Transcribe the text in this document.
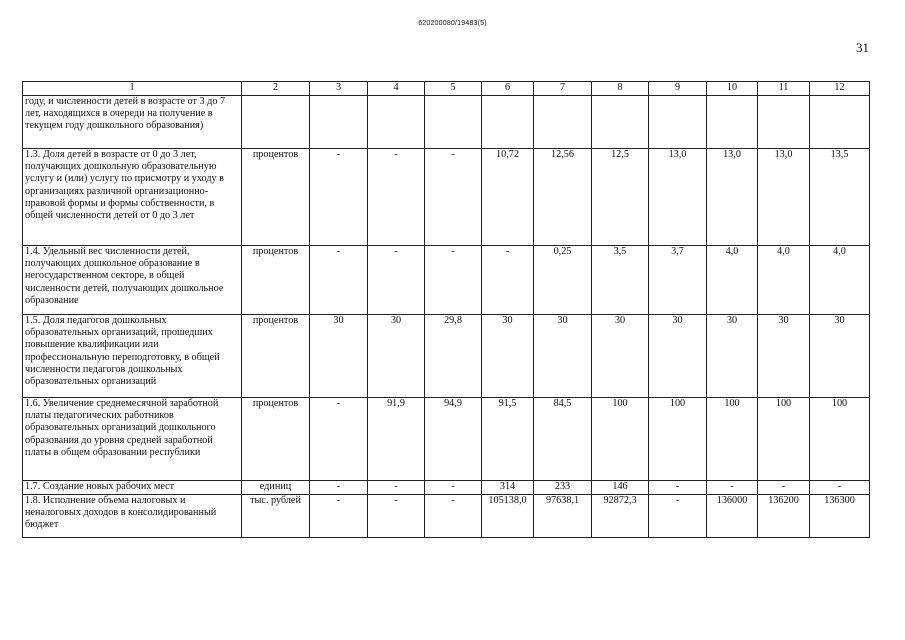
620200080/19483(5)
31
1	2	3	4	5	6	7	8	9	10	11	12
году, и численности детей в возрасте от 3 до 7 лет, находящихся в очереди на получение в текущем году дошкольного образования)											
1.3. Доля детей в возрасте от 0 до 3 лет, получающих дошкольную образовательную услугу и (или) услугу по присмотру и уходу в организациях различной организационно-правовой формы и формы собственности, в общей численности детей от 0 до 3 лет	процентов	-	-	-	10,72	12,56	12,5	13,0	13,0	13,0	13,5
1.4. Удельный вес численности детей, получающих дошкольное образование в негосударственном секторе, в общей численности детей, получающих дошкольное образование	процентов	-	-	-	-	0,25	3,5	3,7	4,0	4,0	4,0
1.5. Доля педагогов дошкольных образовательных организаций, прошедших повышение квалификации или профессиональную переподготовку, в общей численности педагогов дошкольных образовательных организаций	процентов	30	30	29,8	30	30	30	30	30	30	30
1.6. Увеличение среднемесячной заработной платы педагогических работников образовательных организаций дошкольного образования до уровня средней заработной платы в общем образовании республики	процентов	-	91,9	94,9	91,5	84,5	100	100	100	100	100
1.7. Создание новых рабочих мест	единиц	-	-	-	314	233	146	-	-	-	-
1.8. Исполнение объема налоговых и неналоговых доходов в консолидированный бюджет	тыс. рублей	-	-	-	105138,0	97638,1	92872,3	-	136000	136200	136300
